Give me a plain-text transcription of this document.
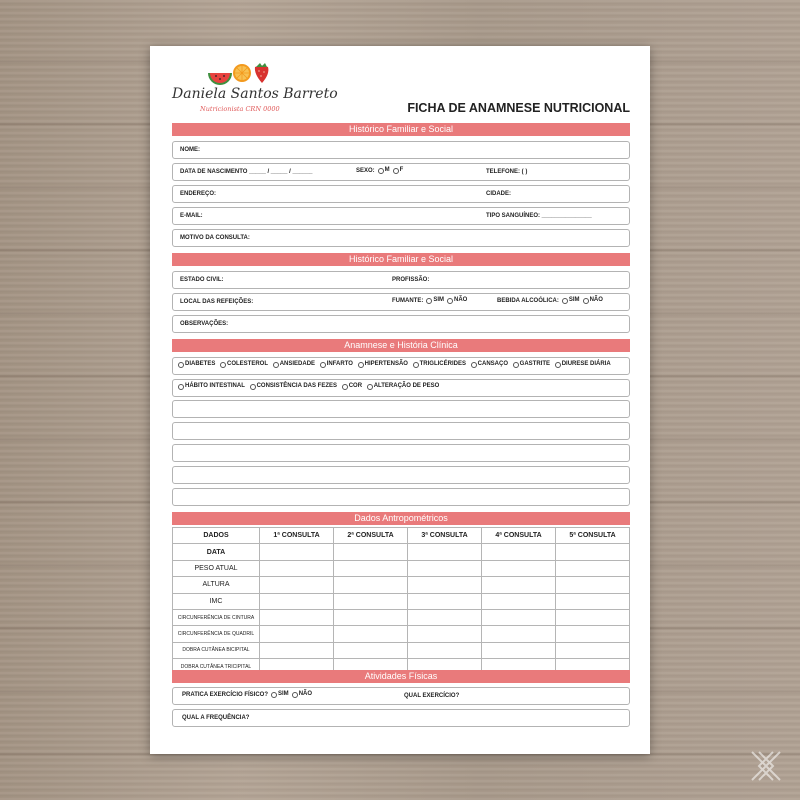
Daniela Santos Barreto
Nutricionista CRN 0000	FICHA DE ANAMNESE NUTRICIONAL
Histórico Familiar e Social
NOME:
DATA DE NASCIMENTO _____ / _____ / ______	SEXO: M F	TELEFONE: ( )
ENDEREÇO:	CIDADE:
E-MAIL:	TIPO SANGUÍNEO: _______________
MOTIVO DA CONSULTA:
Histórico Familiar e Social
ESTADO CIVIL:	PROFISSÃO:
LOCAL DAS REFEIÇÕES:	FUMANTE: SIM NÃO	BEBIDA ALCOÓLICA: SIM NÃO
OBSERVAÇÕES:
Anamnese e História Clínica
DIABETES COLESTEROL ANSIEDADE INFARTO HIPERTENSÃO TRIGLICÉRIDES CANSAÇO GASTRITE DIURESE DIÁRIA
HÁBITO INTESTINAL CONSISTÊNCIA DAS FEZES COR ALTERAÇÃO DE PESO
Dados Antropométricos
DADOS	1ª CONSULTA	2ª CONSULTA	3ª CONSULTA	4ª CONSULTA	5ª CONSULTA
DATA					
PESO ATUAL					
ALTURA					
IMC					
CIRCUNFERÊNCIA DE CINTURA					
CIRCUNFERÊNCIA DE QUADRIL					
DOBRA CUTÂNEA BICIPITAL					
DOBRA CUTÂNEA TRICIPITAL					
Atividades Físicas
PRATICA EXERCÍCIO FÍSICO? SIM NÃO	QUAL EXERCÍCIO?
QUAL A FREQUÊNCIA?
